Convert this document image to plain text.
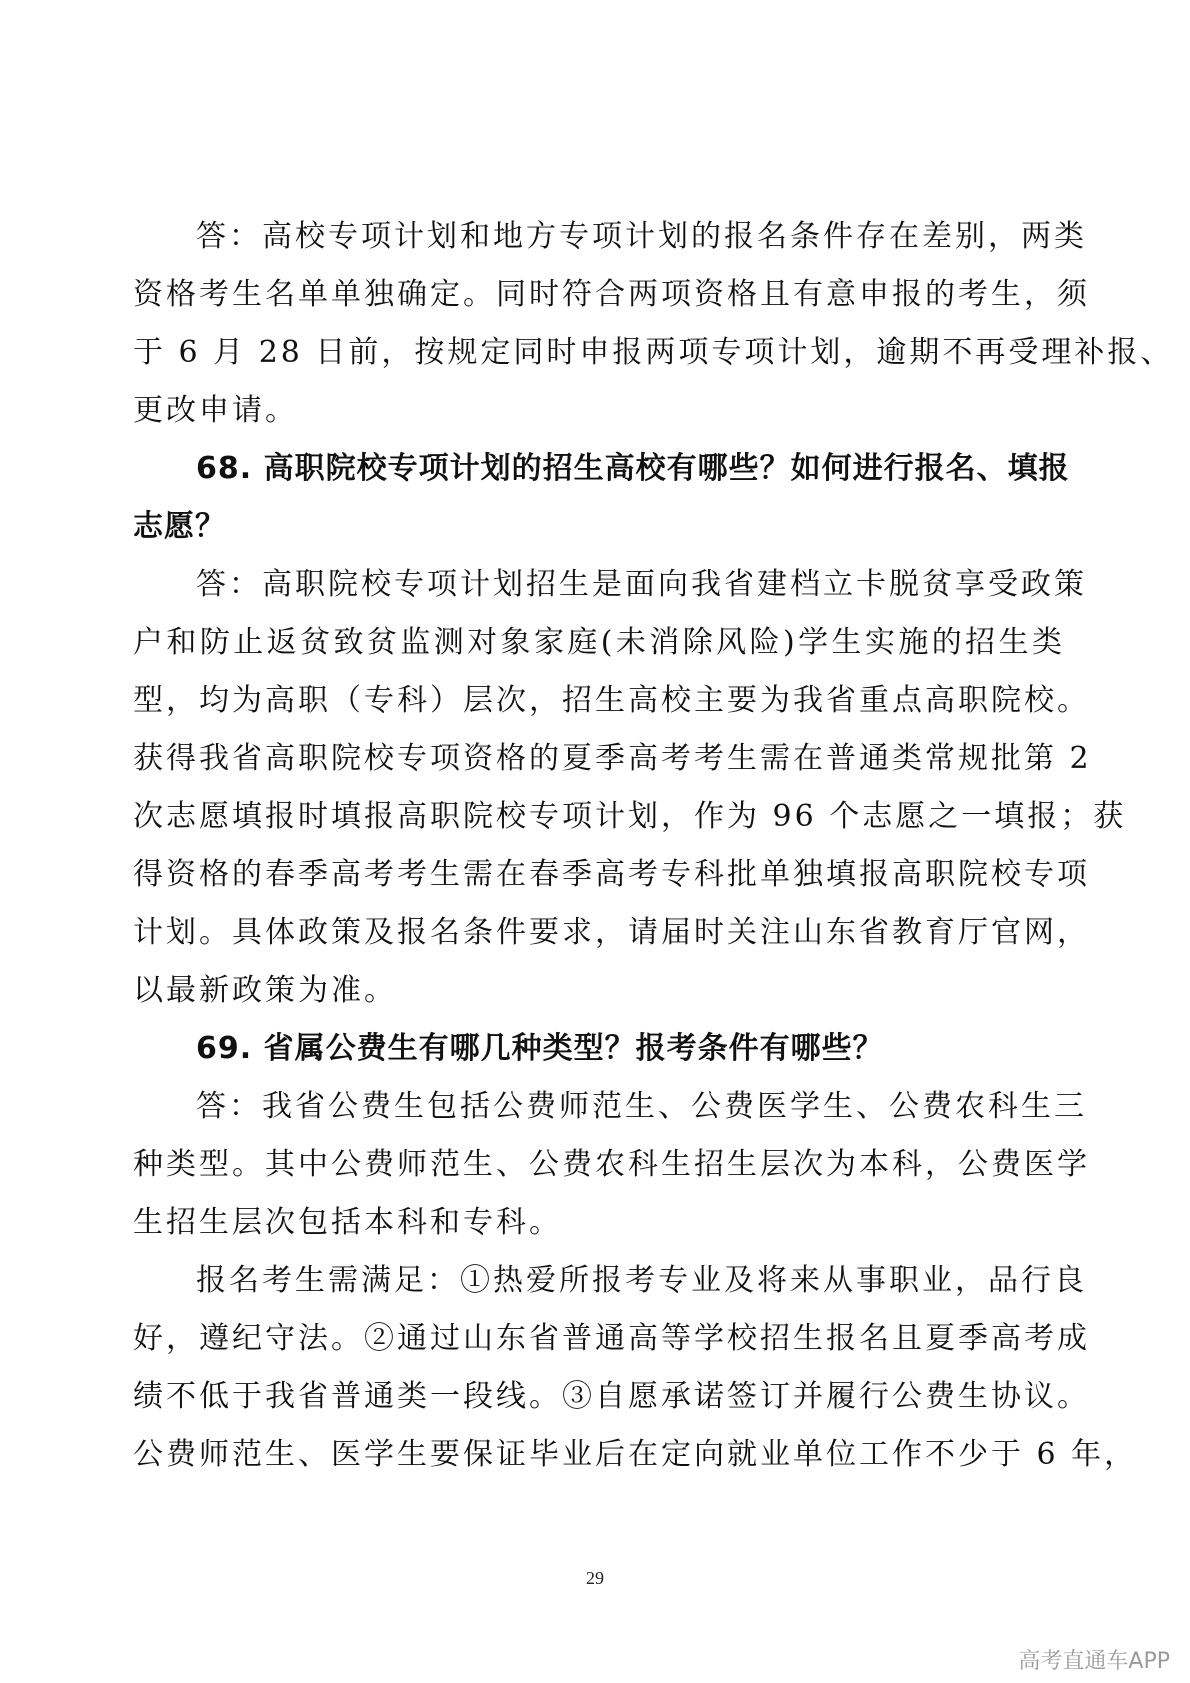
答：高校专项计划和地方专项计划的报名条件存在差别，两类
资格考生名单单独确定。同时符合两项资格且有意申报的考生，须
于 6 月 28 日前，按规定同时申报两项专项计划，逾期不再受理补报、
更改申请。
68. 高职院校专项计划的招生高校有哪些？如何进行报名、填报
志愿？
答：高职院校专项计划招生是面向我省建档立卡脱贫享受政策
户和防止返贫致贫监测对象家庭(未消除风险)学生实施的招生类
型，均为高职（专科）层次，招生高校主要为我省重点高职院校。
获得我省高职院校专项资格的夏季高考考生需在普通类常规批第 2
次志愿填报时填报高职院校专项计划，作为 96 个志愿之一填报；获
得资格的春季高考考生需在春季高考专科批单独填报高职院校专项
计划。具体政策及报名条件要求，请届时关注山东省教育厅官网，
以最新政策为准。
69. 省属公费生有哪几种类型？报考条件有哪些？
答：我省公费生包括公费师范生、公费医学生、公费农科生三
种类型。其中公费师范生、公费农科生招生层次为本科，公费医学
生招生层次包括本科和专科。
报名考生需满足：①热爱所报考专业及将来从事职业，品行良
好，遵纪守法。②通过山东省普通高等学校招生报名且夏季高考成
绩不低于我省普通类一段线。③自愿承诺签订并履行公费生协议。
公费师范生、医学生要保证毕业后在定向就业单位工作不少于 6 年，
29
高考直通车APP
